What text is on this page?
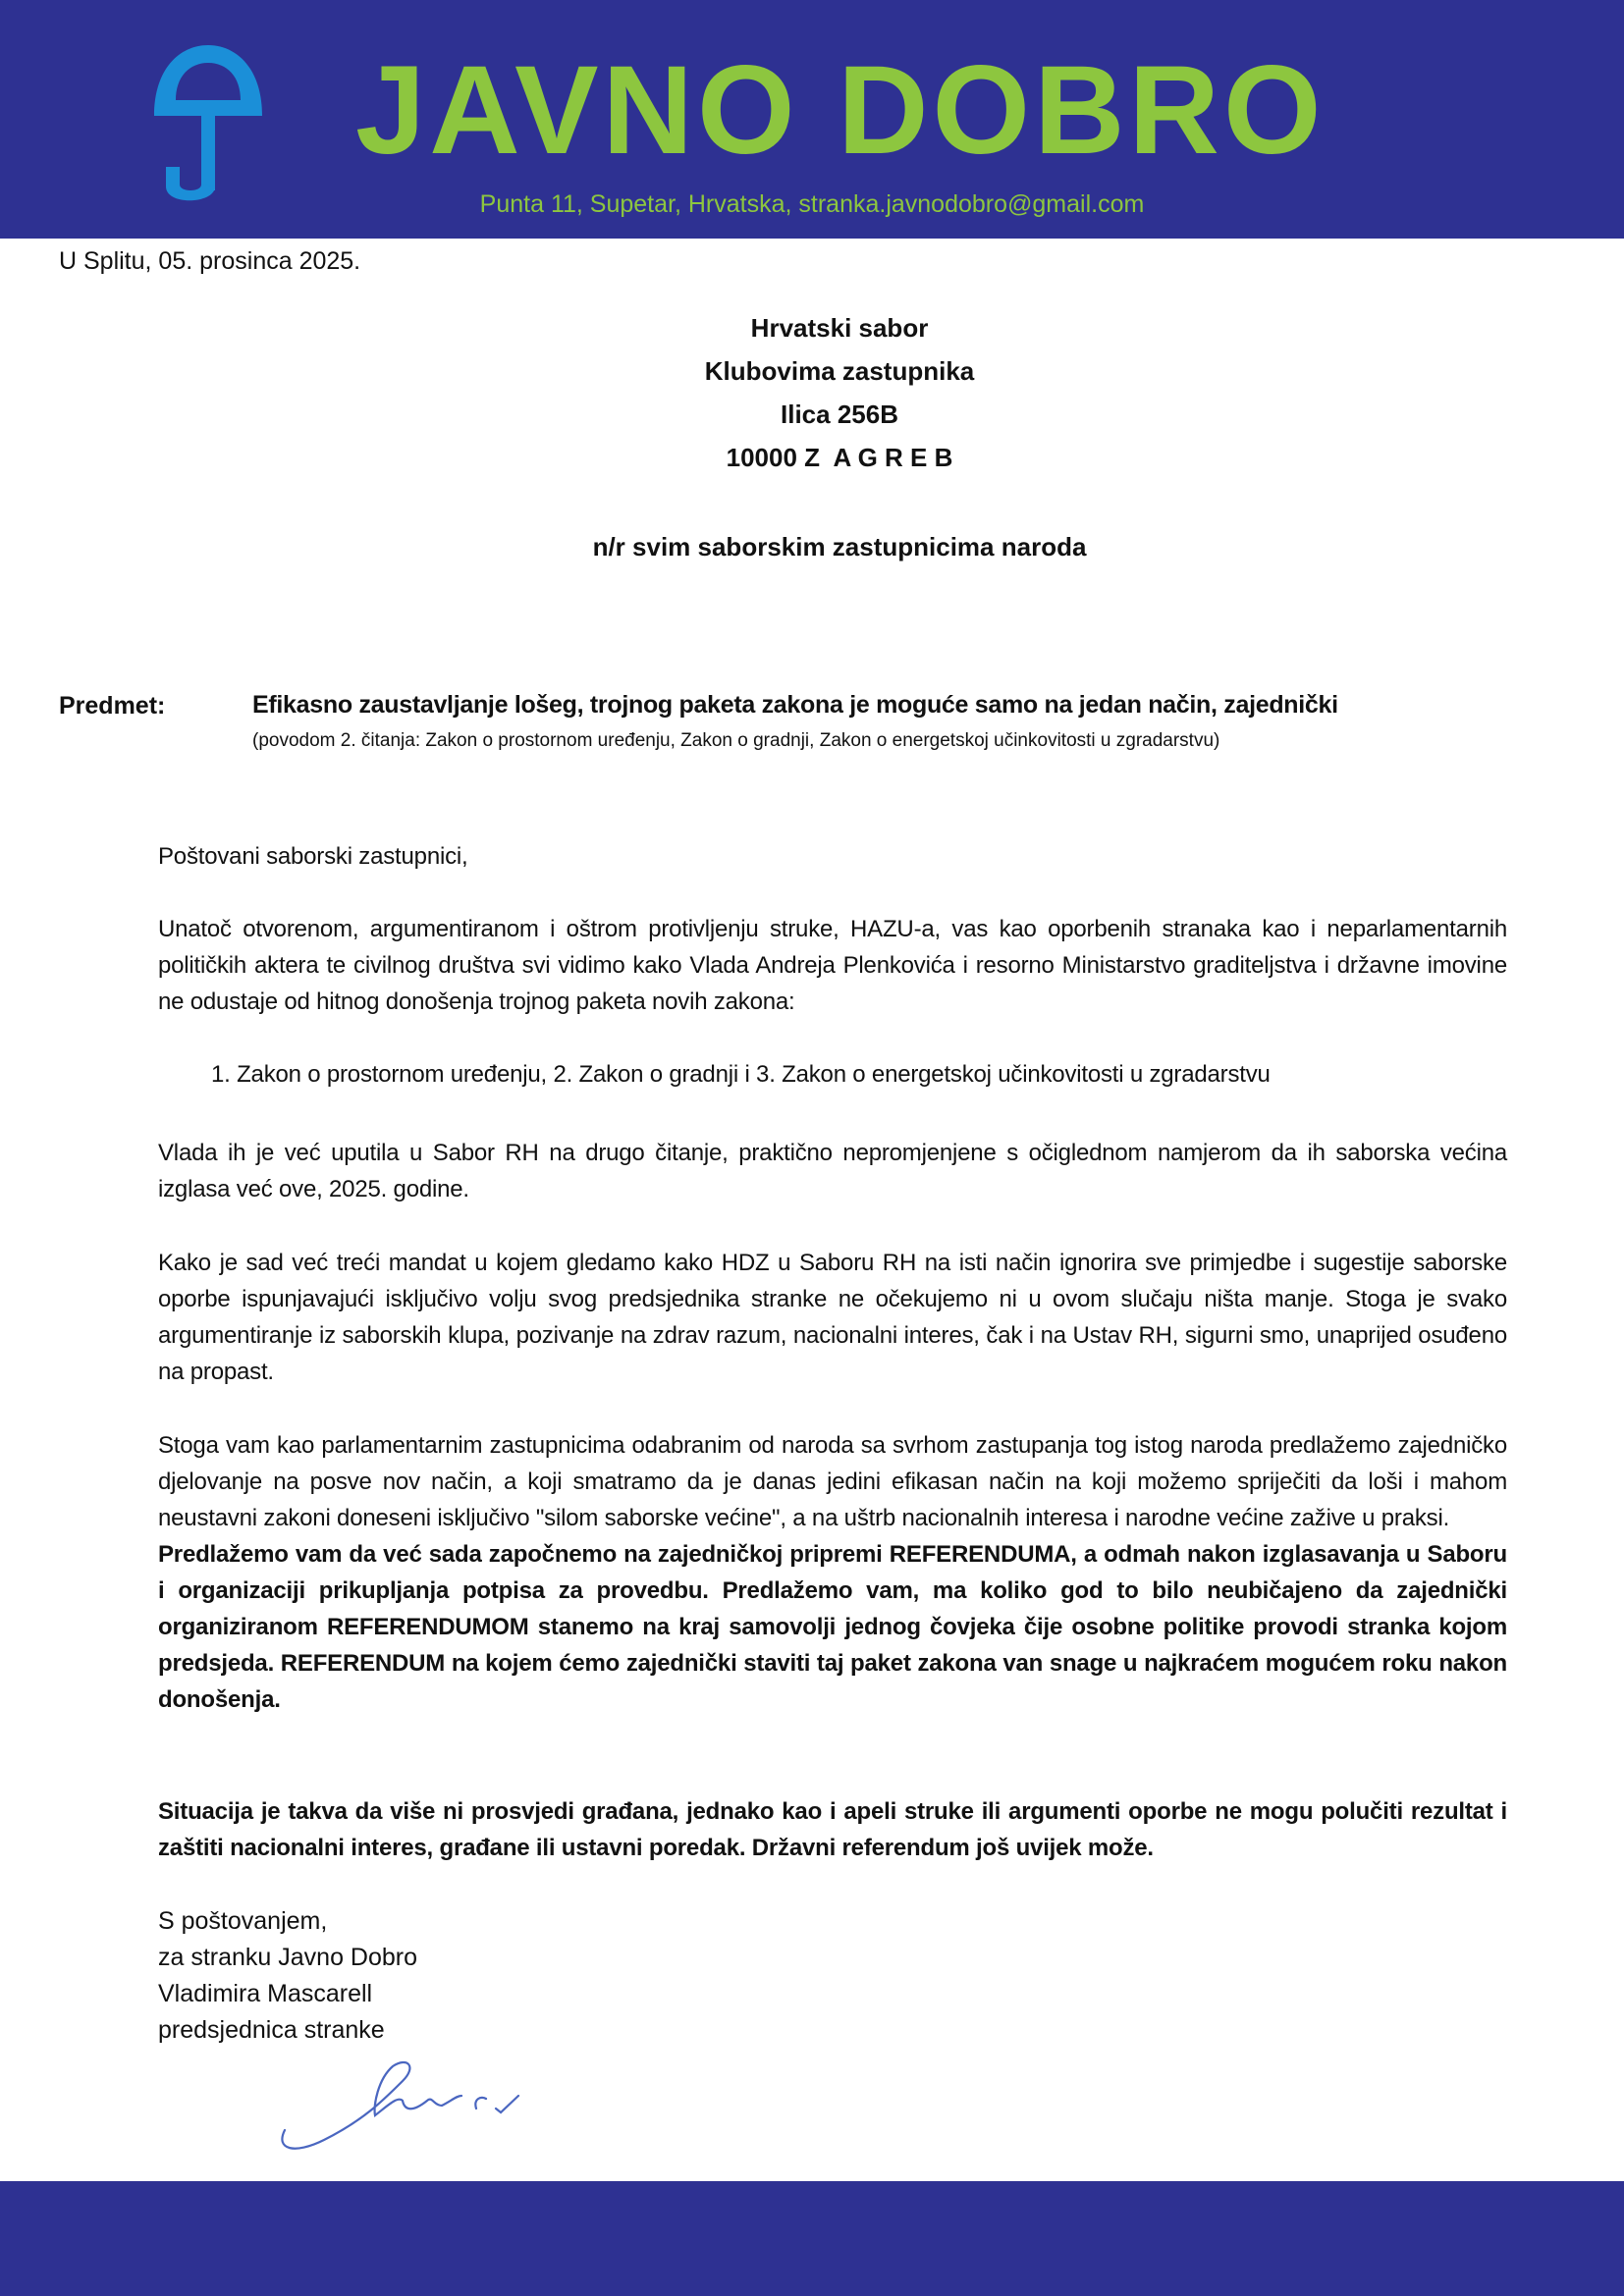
JAVNO DOBRO
Punta 11, Supetar, Hrvatska, stranka.javnodobro@gmail.com
U Splitu, 05. prosinca 2025.
Hrvatski sabor
Klubovima zastupnika
Ilica 256B
10000 Z  A G R E B
n/r svim saborskim zastupnicima naroda
Predmet:	Efikasno zaustavljanje lošeg, trojnog paketa zakona je moguće samo na jedan način, zajednički
(povodom 2. čitanja: Zakon o prostornom uređenju, Zakon o gradnji, Zakon o energetskoj učinkovitosti u zgradarstvu)
Poštovani saborski zastupnici,
Unatoč otvorenom, argumentiranom i oštrom protivljenju struke, HAZU-a, vas kao oporbenih stranaka kao i neparlamentarnih političkih aktera te civilnog društva svi vidimo kako Vlada Andreja Plenkovića i resorno Ministarstvo graditeljstva i državne imovine ne odustaje od hitnog donošenja trojnog paketa novih zakona:
1. Zakon o prostornom uređenju, 2. Zakon o gradnji i 3. Zakon o energetskoj učinkovitosti u zgradarstvu
Vlada ih je već uputila u Sabor RH na drugo čitanje, praktično nepromjenjene s očiglednom namjerom da ih saborska većina izglasa već ove, 2025. godine.
Kako je sad već treći mandat u kojem gledamo kako HDZ u Saboru RH na isti način ignorira sve primjedbe i sugestije saborske oporbe ispunjavajući isključivo volju svog predsjednika stranke ne očekujemo ni u ovom slučaju ništa manje. Stoga je svako argumentiranje iz saborskih klupa, pozivanje na zdrav razum, nacionalni interes, čak i na Ustav RH, sigurni smo, unaprijed osuđeno na propast.
Stoga vam kao parlamentarnim zastupnicima odabranim od naroda sa svrhom zastupanja tog istog naroda predlažemo zajedničko djelovanje na posve nov način, a koji smatramo da je danas jedini efikasan način na koji možemo spriječiti da loši i mahom neustavni zakoni doneseni isključivo "silom saborske većine", a na uštrb nacionalnih interesa i narodne većine zažive u praksi.
Predlažemo vam da već sada započnemo na zajedničkoj pripremi REFERENDUMA, a odmah nakon izglasavanja u Saboru i organizaciji prikupljanja potpisa za provedbu. Predlažemo vam, ma koliko god to bilo neubičajeno da zajednički organiziranom REFERENDUMOM stanemo na kraj samovolji jednog čovjeka čije osobne politike provodi stranka kojom predsjeda. REFERENDUM na kojem ćemo zajednički staviti taj paket zakona van snage u najkraćem mogućem roku nakon donošenja.
Situacija je takva da više ni prosvjedi građana, jednako kao i apeli struke ili argumenti oporbe ne mogu polučiti rezultat i zaštiti nacionalni interes, građane ili ustavni poredak. Državni referendum još uvijek može.
S poštovanjem,
za stranku Javno Dobro
Vladimira Mascarell
predsjednica stranke
